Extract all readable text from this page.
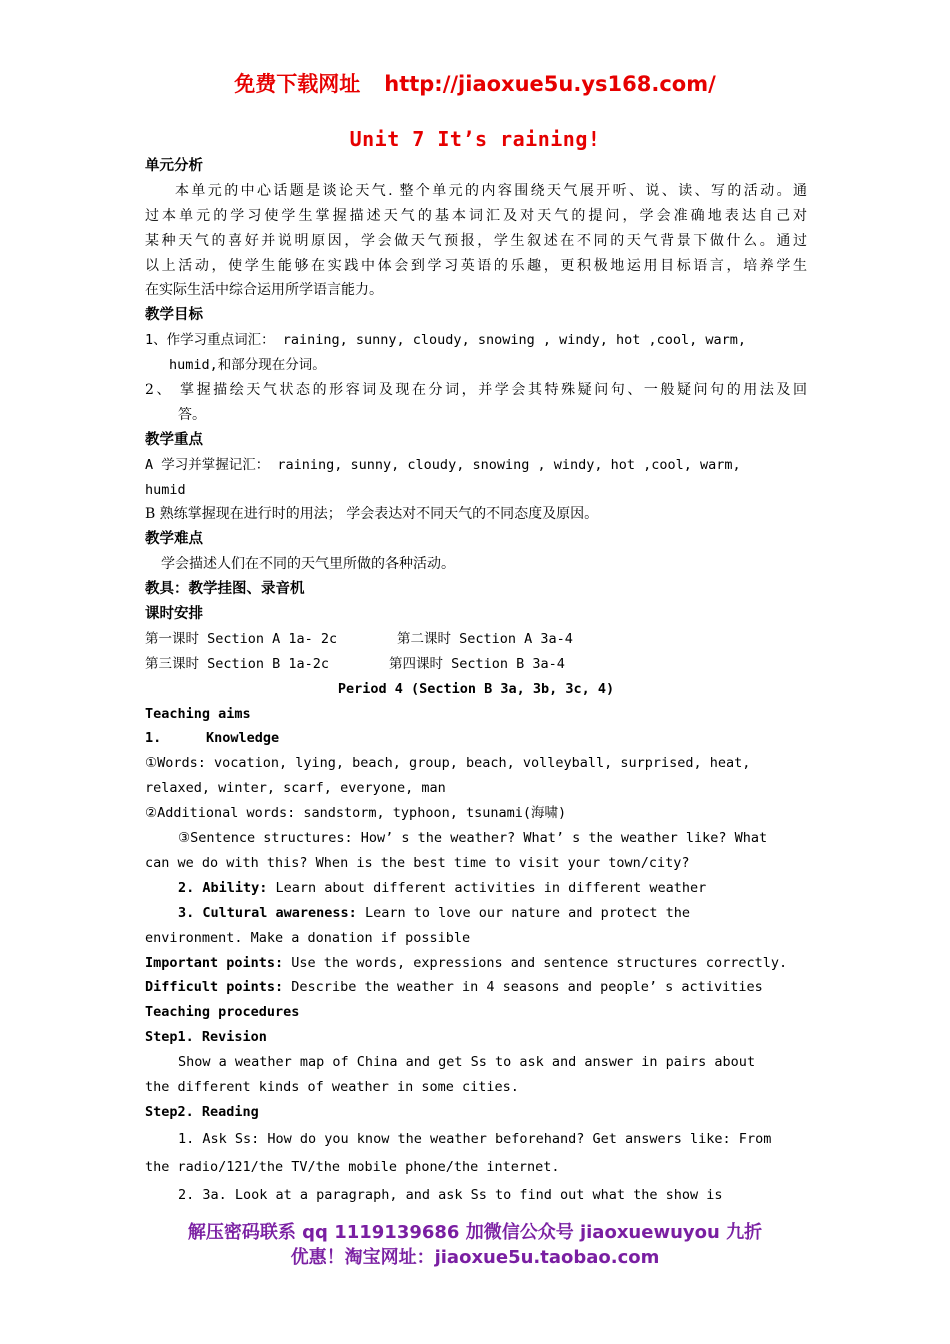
免费下载网址 http://jiaoxue5u.ys168.com/
Unit 7 It’s raining!
单元分析
本单元的中心话题是谈论天气. 整个单元的内容围绕天气展开听、说、读、写的活动。通
过本单元的学习使学生掌握描述天气的基本词汇及对天气的提问，学会准确地表达自己对
某种天气的喜好并说明原因，学会做天气预报，学生叙述在不同的天气背景下做什么。通过
以上活动，使学生能够在实践中体会到学习英语的乐趣，更积极地运用目标语言，培养学生
在实际生活中综合运用所学语言能力。
教学目标
1、作学习重点词汇： raining, sunny, cloudy, snowing , windy, hot ,cool, warm,
humid,和部分现在分词。
2、 掌握描绘天气状态的形容词及现在分词，并学会其特殊疑问句、一般疑问句的用法及回
答。
教学重点
A 学习并掌握记汇： raining, sunny, cloudy, snowing , windy, hot ,cool, warm,
humid
B 熟练掌握现在进行时的用法； 学会表达对不同天气的不同态度及原因。
教学难点
学会描述人们在不同的天气里所做的各种活动。
教具：教学挂图、录音机
课时安排
第一课时 Section A 1a- 2c	第二课时 Section A 3a-4
第三课时 Section B 1a-2c	第四课时 Section B 3a-4
Period 4 (Section B 3a, 3b, 3c, 4)
Teaching aims
1.	Knowledge
①Words: vocation, lying, beach, group, beach, volleyball, surprised, heat,
relaxed, winter, scarf, everyone, man
②Additional words: sandstorm, typhoon, tsunami(海啸)
③Sentence structures: How’ s the weather? What’ s the weather like? What
can we do with this? When is the best time to visit your town/city?
2. Ability: Learn about different activities in different weather
3. Cultural awareness: Learn to love our nature and protect the
environment. Make a donation if possible
Important points: Use the words, expressions and sentence structures correctly.
Difficult points: Describe the weather in 4 seasons and people’ s activities
Teaching procedures
Step1. Revision
Show a weather map of China and get Ss to ask and answer in pairs about
the different kinds of weather in some cities.
Step2. Reading
1. Ask Ss: How do you know the weather beforehand? Get answers like: From
the radio/121/the TV/the mobile phone/the internet.
2. 3a. Look at a paragraph, and ask Ss to find out what the show is
解压密码联系 qq 1119139686 加微信公众号 jiaoxuewuyou 九折
优惠！淘宝网址：jiaoxue5u.taobao.com
